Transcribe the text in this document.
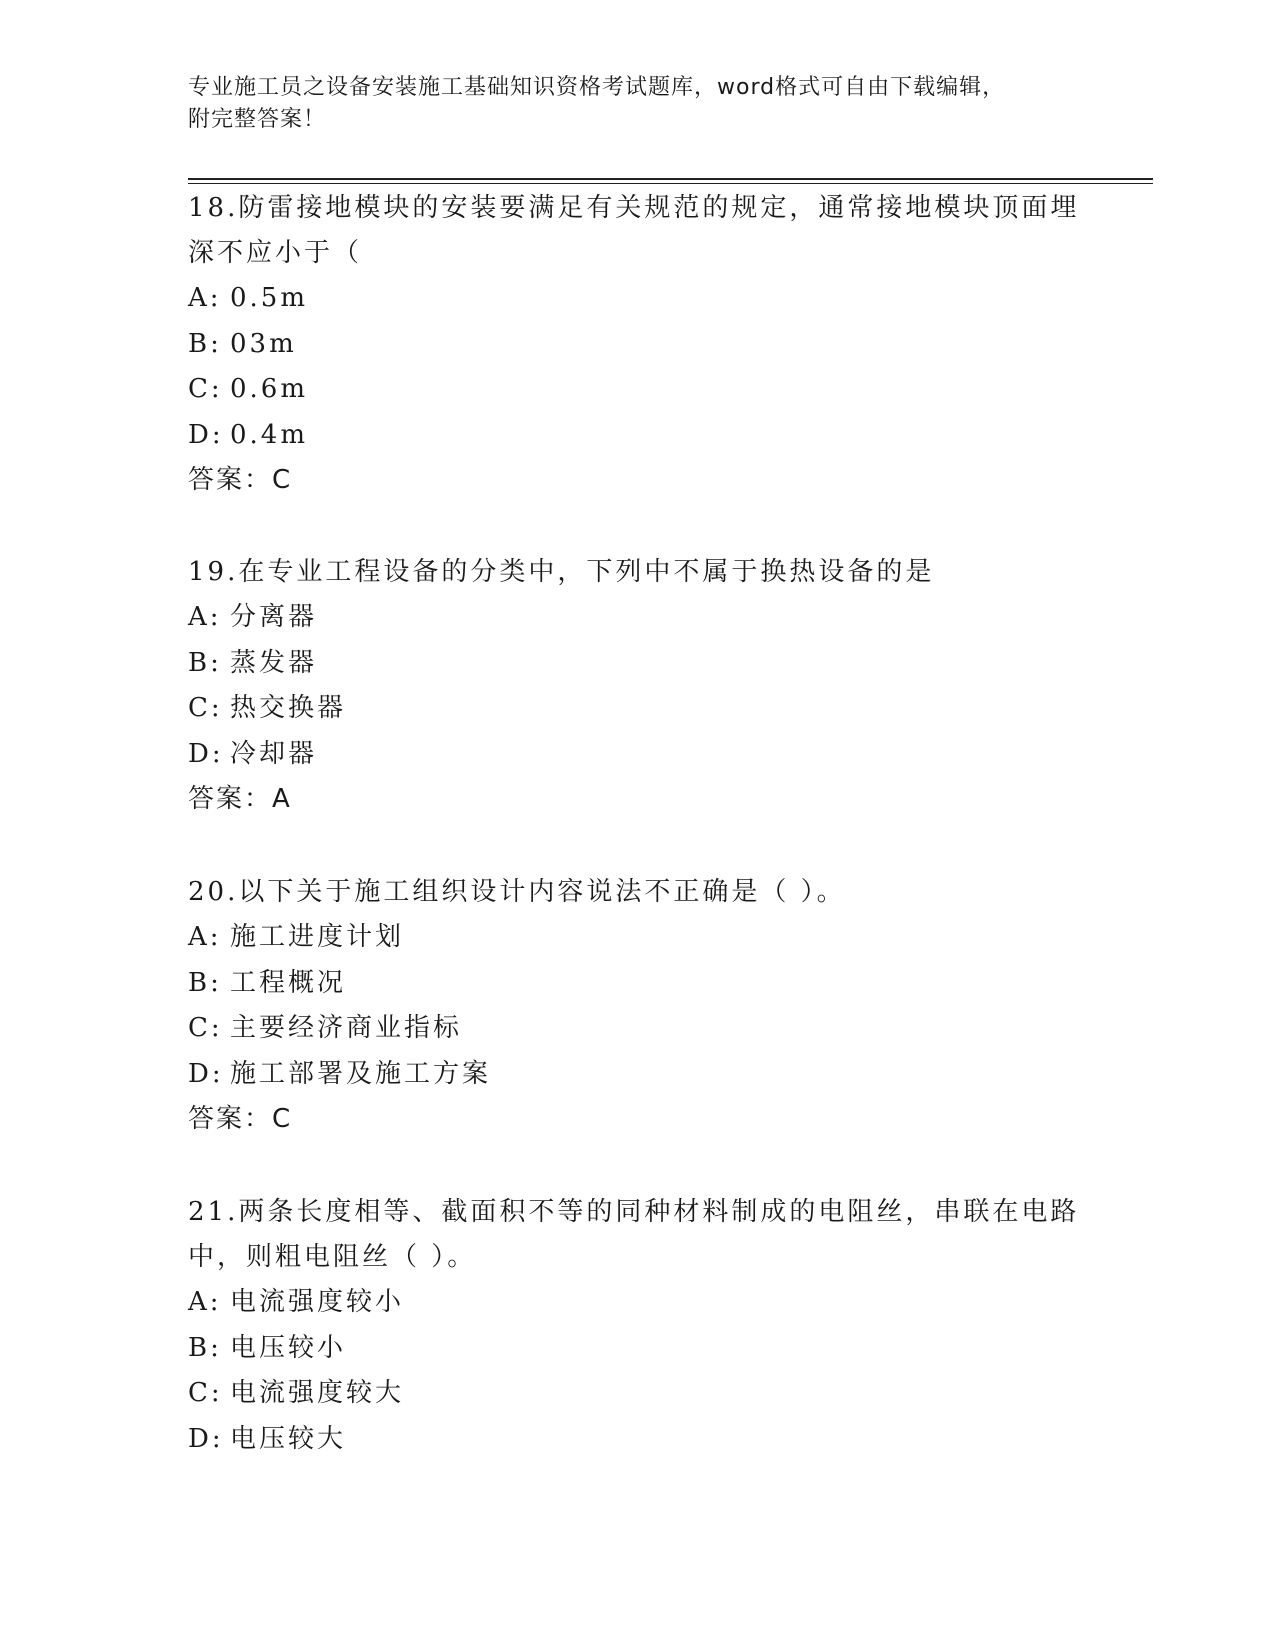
专业施工员之设备安装施工基础知识资格考试题库，word格式可自由下载编辑，
附完整答案！
18.防雷接地模块的安装要满足有关规范的规定，通常接地模块顶面埋
深不应小于（
A: 0.5m
B: 03m
C: 0.6m
D: 0.4m
答案：C
19.在专业工程设备的分类中，下列中不属于换热设备的是
A: 分离器
B: 蒸发器
C: 热交换器
D: 冷却器
答案：A
20.以下关于施工组织设计内容说法不正确是（ ）。
A: 施工进度计划
B: 工程概况
C: 主要经济商业指标
D: 施工部署及施工方案
答案：C
21.两条长度相等、截面积不等的同种材料制成的电阻丝，串联在电路
中，则粗电阻丝（ ）。
A: 电流强度较小
B: 电压较小
C: 电流强度较大
D: 电压较大
